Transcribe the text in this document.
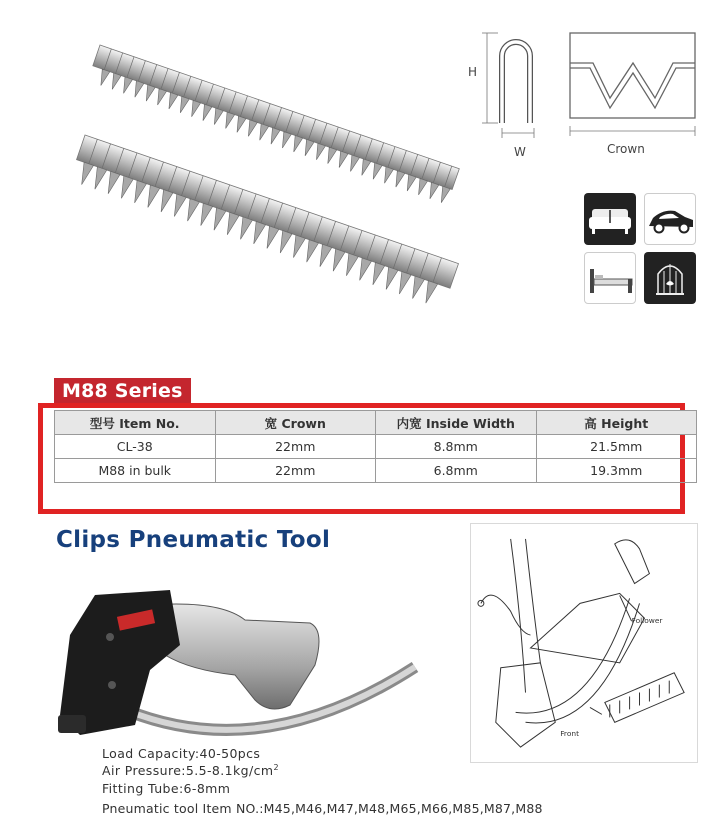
H
W	Crown
M88 Series
型号 Item No.	宽 Crown	内宽 Inside Width	高 Height
CL-38	22mm	8.8mm	21.5mm
M88 in bulk	22mm	6.8mm	19.3mm
Clips Pneumatic Tool
Load Capacity:40-50pcs
Air $Pressure:5.5-8.1kg/cm^2$
Fitting Tube:6-8mm
Pneumatic tool Item NO.:M45,M46,M47,M48,M65,M66,M85,M87,M88
Follower
Front
